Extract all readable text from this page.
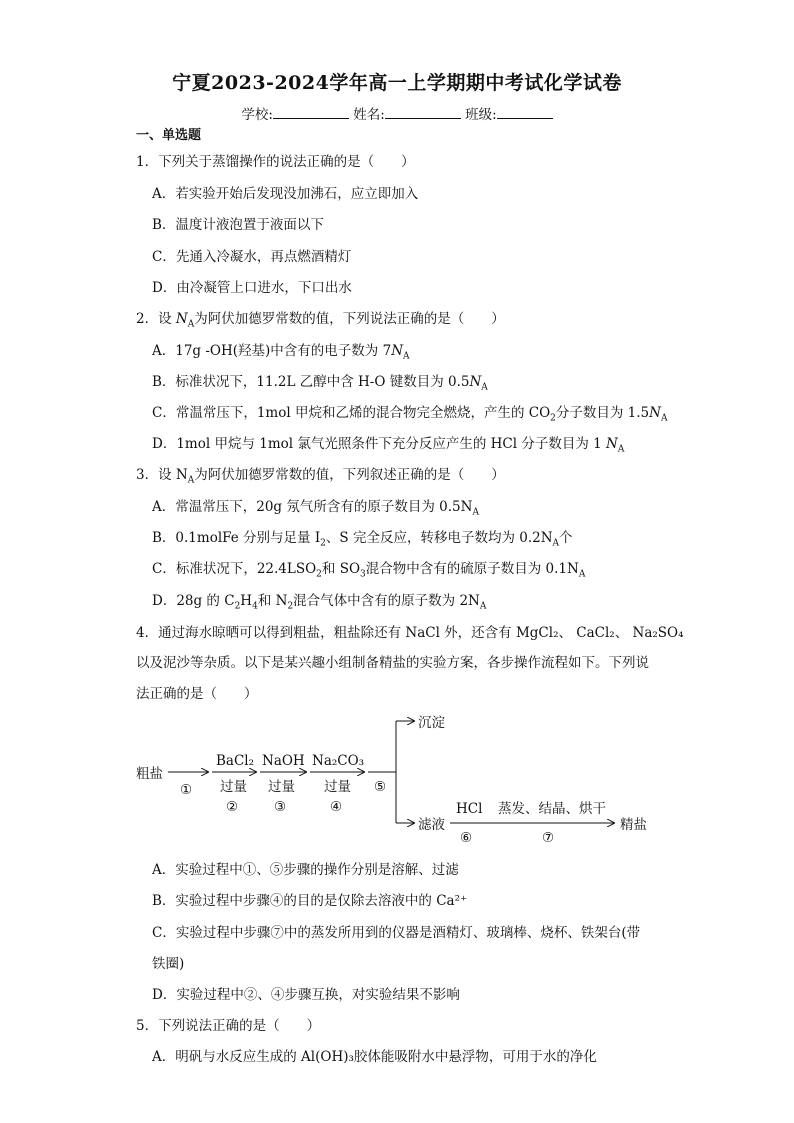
宁夏2023-2024学年高一上学期期中考试化学试卷
学校:	姓名:	班级:
一、单选题
1．下列关于蒸馏操作的说法正确的是（　　）
A．若实验开始后发现没加沸石，应立即加入
B．温度计液泡置于液面以下
C．先通入冷凝水，再点燃酒精灯
D．由冷凝管上口进水，下口出水
2．设 $N_A$为阿伏加德罗常数的值，下列说法正确的是（　　）
A．17g -OH(羟基)中含有的电子数为 $7N_A$
B．标准状况下，11.2L 乙醇中含 H-O 键数目为 $0.5N_A$
C．常温常压下，1mol 甲烷和乙烯的混合物完全燃烧，产生的 $CO_2$分子数目为 $1.5N_A$
D．1mol 甲烷与 1mol 氯气光照条件下充分反应产生的 HCl 分子数目为 1 $N_A$
3．设 $N_A$为阿伏加德罗常数的值，下列叙述正确的是（　　）
A．常温常压下，20g 氖气所含有的原子数目为 $0.5N_A$
B．0.1molFe 分别与足量 $I_2$、S 完全反应，转移电子数均为 $0.2N_A$个
C．标准状况下，$22.4LSO_2$和 $SO_3$混合物中含有的硫原子数目为 $0.1N_A$
D．28g 的 $C_2H_4$和 $N_2$混合气体中含有的原子数为 $2N_A$
4．通过海水晾晒可以得到粗盐，粗盐除还有 NaCl 外，还含有 MgCl₂、 CaCl₂、 Na₂SO₄
以及泥沙等杂质。以下是某兴趣小组制备精盐的实验方案，各步操作流程如下。下列说
法正确的是（　　）
粗盐
①
BaCl₂
过量
②
NaOH
过量
③
Na₂CO₃
过量
④
⑤
沉淀
滤液
HCl
⑥
蒸发、结晶、烘干
⑦
精盐
A．实验过程中①、⑤步骤的操作分别是溶解、过滤
B．实验过程中步骤④的目的是仅除去溶液中的 Ca²⁺
C．实验过程中步骤⑦中的蒸发所用到的仪器是酒精灯、玻璃棒、烧杯、铁架台(带
铁圈)
D．实验过程中②、④步骤互换，对实验结果不影响
5．下列说法正确的是（　　）
A．明矾与水反应生成的 Al(OH)₃胶体能吸附水中悬浮物，可用于水的净化
